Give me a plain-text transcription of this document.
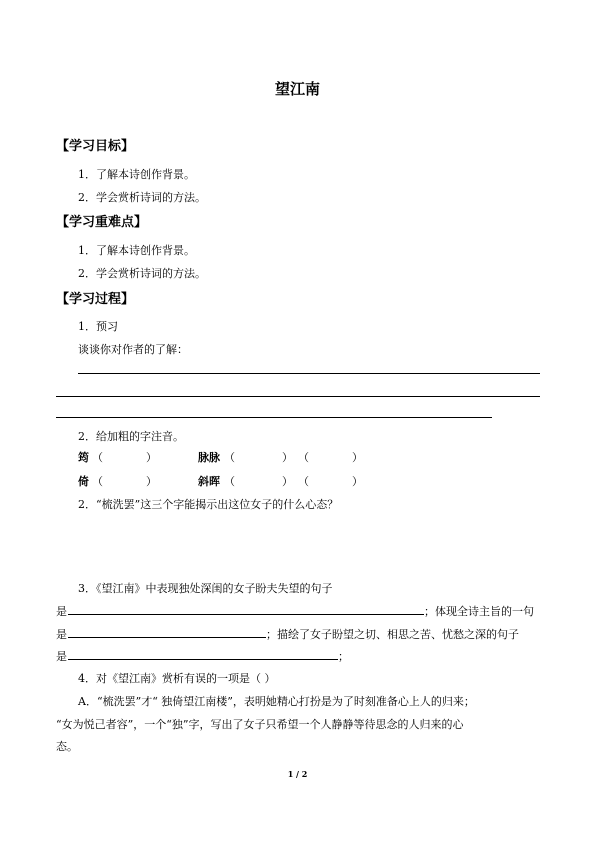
望江南
【学习目标】
1．了解本诗创作背景。
2．学会赏析诗词的方法。
【学习重难点】
1．了解本诗创作背景。
2．学会赏析诗词的方法。
【学习过程】
1．预习
谈谈你对作者的了解：
2．给加粗的字注音。
筠 （	）	脉脉 （	） （	）
倚 （	）	斜晖 （	） （	）
2．“梳洗罢”这三个字能揭示出这位女子的什么心态？
3．《望江南》中表现独处深闺的女子盼夫失望的句子
是	；体现全诗主旨的一句
是	；描绘了女子盼望之切、相思之苦、忧愁之深的句子
是	；
4．对《望江南》赏析有误的一项是（ ）
A．“梳洗罢”才“ 独倚望江南楼”，表明她精心打扮是为了时刻准备心上人的归来；
“女为悦己者容”，一个“独”字，写出了女子只希望一个人静静等待思念的人归来的心
态。
1 / 2
